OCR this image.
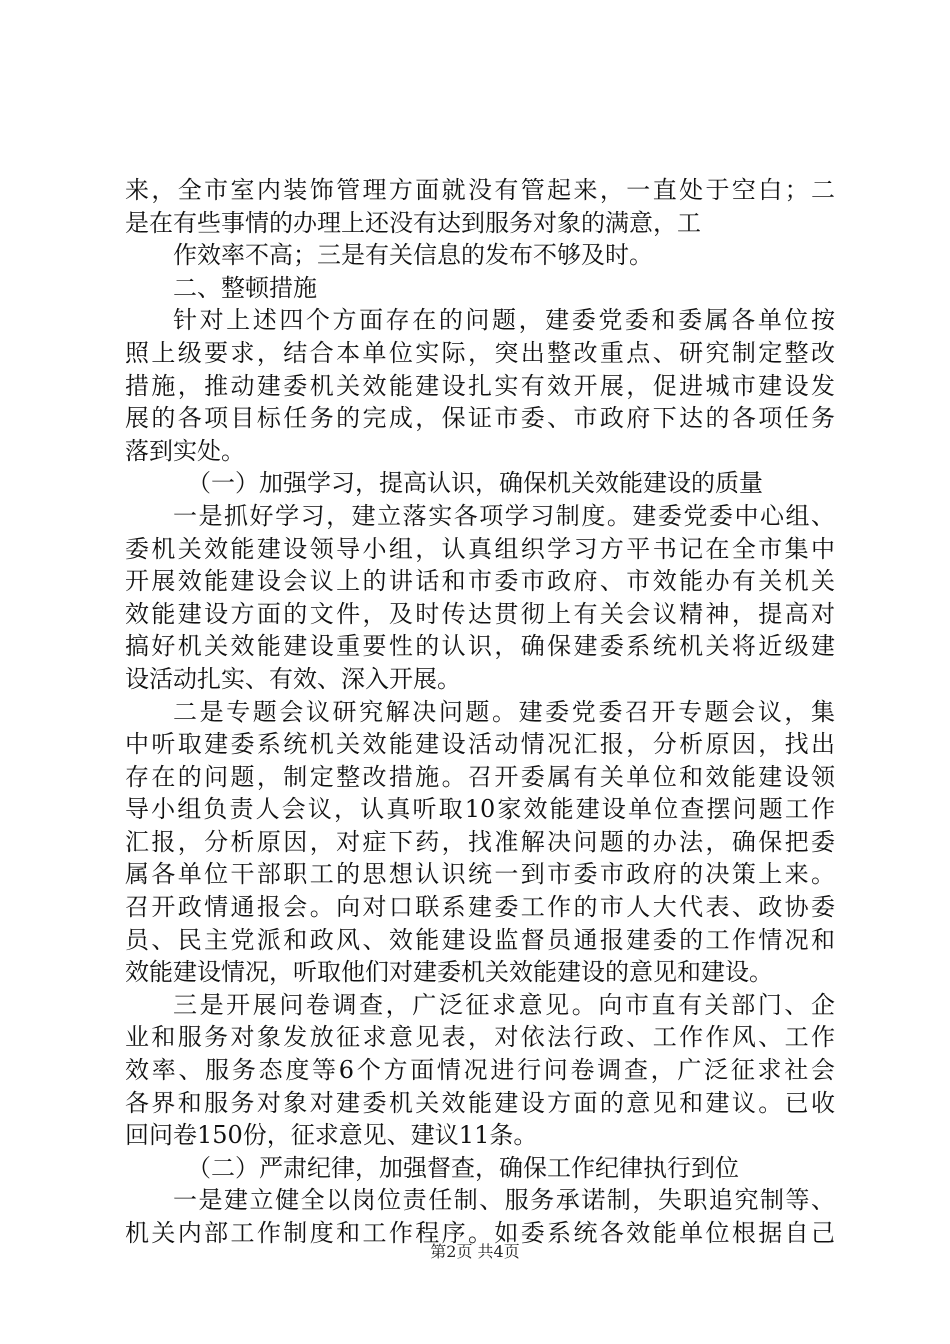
来，全市室内装饰管理方面就没有管起来，一直处于空白；二
是在有些事情的办理上还没有达到服务对象的满意，工
作效率不高；三是有关信息的发布不够及时。
二、整顿措施
针对上述四个方面存在的问题，建委党委和委属各单位按
照上级要求，结合本单位实际，突出整改重点、研究制定整改
措施，推动建委机关效能建设扎实有效开展，促进城市建设发
展的各项目标任务的完成，保证市委、市政府下达的各项任务
落到实处。
（一）加强学习，提高认识，确保机关效能建设的质量
一是抓好学习，建立落实各项学习制度。建委党委中心组、
委机关效能建设领导小组，认真组织学习方平书记在全市集中
开展效能建设会议上的讲话和市委市政府、市效能办有关机关
效能建设方面的文件，及时传达贯彻上有关会议精神，提高对
搞好机关效能建设重要性的认识，确保建委系统机关将近级建
设活动扎实、有效、深入开展。
二是专题会议研究解决问题。建委党委召开专题会议，集
中听取建委系统机关效能建设活动情况汇报，分析原因，找出
存在的问题，制定整改措施。召开委属有关单位和效能建设领
导小组负责人会议，认真听取10家效能建设单位查摆问题工作
汇报，分析原因，对症下药，找准解决问题的办法，确保把委
属各单位干部职工的思想认识统一到市委市政府的决策上来。
召开政情通报会。向对口联系建委工作的市人大代表、政协委
员、民主党派和政风、效能建设监督员通报建委的工作情况和
效能建设情况，听取他们对建委机关效能建设的意见和建设。
三是开展问卷调查，广泛征求意见。向市直有关部门、企
业和服务对象发放征求意见表，对依法行政、工作作风、工作
效率、服务态度等6个方面情况进行问卷调查，广泛征求社会
各界和服务对象对建委机关效能建设方面的意见和建议。已收
回问卷150份，征求意见、建议11条。
（二）严肃纪律，加强督查，确保工作纪律执行到位
一是建立健全以岗位责任制、服务承诺制，失职追究制等、
机关内部工作制度和工作程序。如委系统各效能单位根据自己
第2页 共4页
